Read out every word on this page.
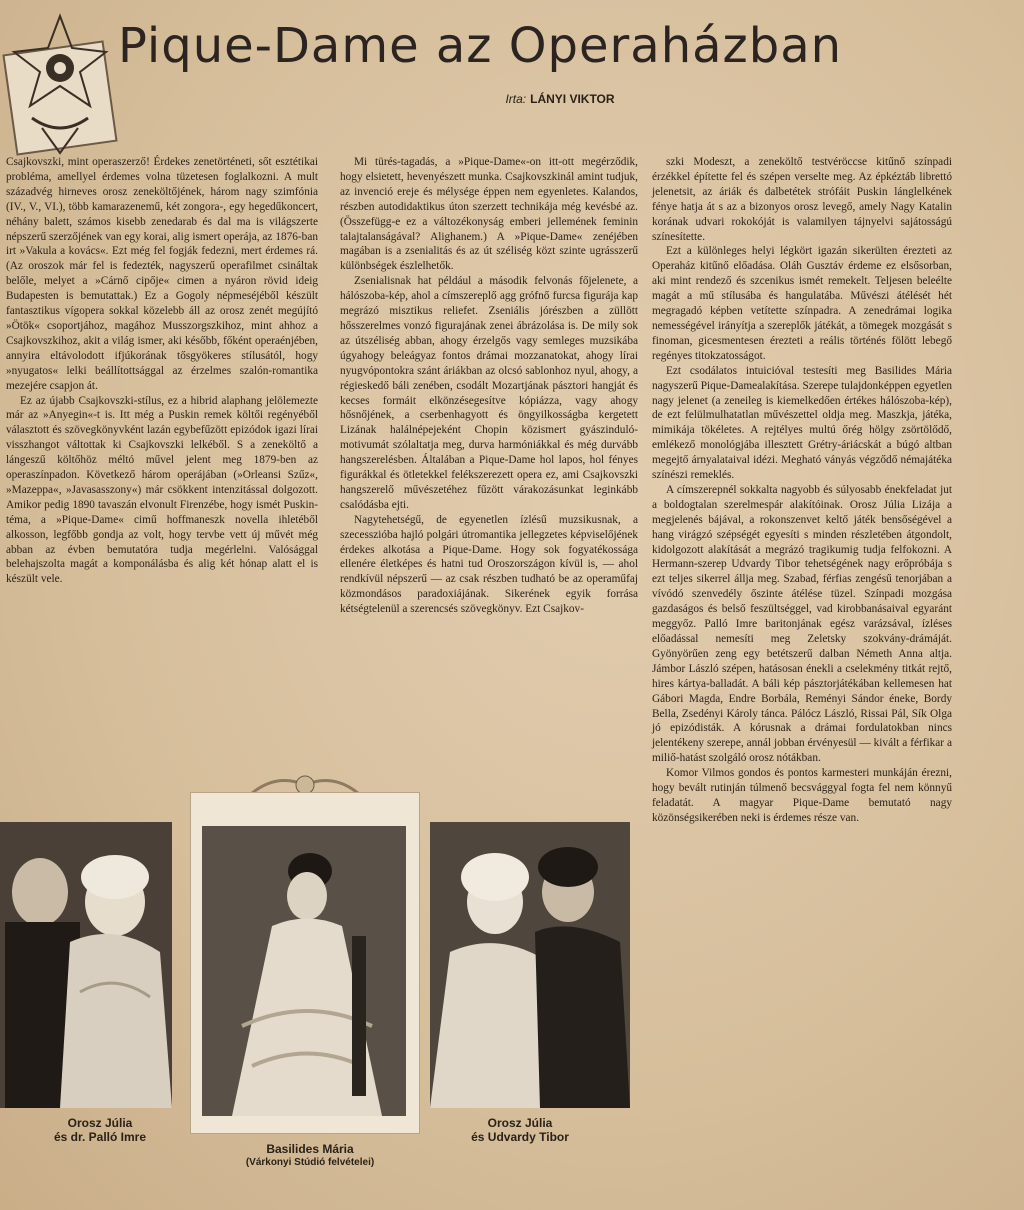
Pique-Dame az Operaházban
Irta: LÁNYI VIKTOR

Csajkovszki, mint operaszerző! Érdekes zenetörténeti, sőt esztétikai probléma, amellyel érdemes volna tüzetesen foglalkozni. A mult századvég hirneves orosz zeneköltőjének, három nagy szimfónia (IV., V., VI.), több kamarazenemű, két zongora-, egy hegedűkoncert, néhány balett, számos kisebb zenedarab és dal ma is világszerte népszerű szerzőjének van egy korai, alig ismert operája, az 1876-ban irt »Vakula a kovács«. Ezt még fel fogják fedezni, mert érdemes rá. (Az oroszok már fel is fedezték, nagyszerű operafilmet csináltak belőle, melyet a »Cárnő cipője« cimen a nyáron rövid ideig Budapesten is bemutattak.) Ez a Gogoly népmeséjéből készült fantasztikus vígopera sokkal közelebb áll az orosz zenét megújító »Ötök« csoportjához, magához Musszorgszkihoz, mint ahhoz a Csajkovszkihoz, akit a világ ismer, aki később, főként operaénjében, annyira eltávolodott ifjúkorának tősgyökeres stílusától, hogy »nyugatos« lelki beállítottsággal az érzelmes szalón-romantika mezejére csapjon át.

Ez az újabb Csajkovszki-stílus, ez a hibrid alaphang jelölemezte már az »Anyegin«-t is. Itt még a Puskin remek költői regényéből választott és szövegkönyvként lazán egybefűzött epizódok igazi lírai visszhangot váltottak ki Csajkovszki lelkéből. S a zeneköltő a lángeszű költőhöz méltó művel jelent meg 1879-ben az operaszínpadon. Következő három operájában (»Orleansi Szűz«, »Mazeppa«, »Javasasszony«) már csökkent intenzitással dolgozott. Amikor pedig 1890 tavaszán elvonult Firenzébe, hogy ismét Puskin-téma, a »Pique-Dame« cimű hoffmaneszk novella ihletéből alkosson, legfőbb gondja az volt, hogy tervbe vett új művét még abban az évben bemutatóra tudja megérlelni. Valósággal belehajszolta magát a komponálásba és alig két hónap alatt el is készült vele.

Mi türés-tagadás, a »Pique-Dame«-on itt-ott megérződik, hogy elsietett, hevenyészett munka. Csajkovszkinál amint tudjuk, az invenció ereje és mélysége éppen nem egyenletes. Kalandos, részben autodidaktikus úton szerzett technikája még kevésbé az. (Összefügg-e ez a változékonyság emberi jellemének feminin talajtalanságával? Alighanem.) A »Pique-Dame« zenéjében magában is a zsenialitás és az út széliség közt szinte ugrásszerű különbségek észlelhetők.

Zsenialisnak hat például a második felvonás főjelenete, a hálószoba-kép, ahol a címszereplő agg grófnő furcsa figurája kap megrázó misztikus reliefet. Zseniális jórészben a züllött hősszerelmes vonzó figurajának zenei ábrázolása is. De mily sok az útszéliség abban, ahogy érzelgős vagy semleges muzsikába úgyahogy beleágyaz fontos drámai mozzanatokat, ahogy lírai nyugvópontokra szánt áriákban az olcsó sablonhoz nyul, ahogy, a régieskedő báli zenében, csodált Mozartjának pásztori hangját és kecses formáit elkönzésegesítve kópiázza, vagy ahogy hősnőjének, a cserbenhagyott és öngyilkosságba kergetett Lizának halálnépejeként Chopin közismert gyászinduló-motivumát szólaltatja meg, durva harmóniákkal és még durvább hangszerelésben. Általában a Pique-Dame hol lapos, hol fényes figurákkal és ötletekkel felékszerezett opera ez, ami Csajkovszki hangszerelő művészetéhez fűzött várakozásunkat leginkább csalódásba ejti.

Nagytehetségű, de egyenetlen ízlésű muzsikusnak, a szecesszióba hajló polgári útromantika jellegzetes képviselőjének érdekes alkotása a Pique-Dame. Hogy sok fogyatékossága ellenére életképes és hatni tud Oroszországon kívül is, — ahol rendkívül népszerű — az csak részben tudható be az operaműfaj közmondásos paradoxiájának. Sikerének egyik forrása kétségtelenül a szerencsés szövegkönyv. Ezt Csajkov-

szki Modeszt, a zeneköltő testvéröccse kitűnő színpadi érzékkel építette fel és szépen verselte meg. Az épkéztáb librettó jelenetsit, az áriák és dalbetétek strófáit Puskin lánglelkének fénye hatja át s az a bizonyos orosz levegő, amely Nagy Katalin korának udvari rokokóját is valamilyen tájnyelvi sajátosságú színesítette.

Ezt a különleges helyi légkört igazán sikerülten érezteti az Operaház kitűnő előadása. Oláh Gusztáv érdeme ez elsősorban, aki mint rendező és szcenikus ismét remekelt. Teljesen beleélte magát a mű stílusába és hangulatába. Művészi átélését hét megragadó képben vetítette színpadra. A zenedrámai logika nemességével irányítja a szereplők játékát, a tömegek mozgását s finoman, gicesmentesen érezteti a reális történés fölött lebegő regényes titokzatosságot.

Ezt csodálatos intuicióval testesíti meg Basilides Mária nagyszerű Pique-Damealakítása. Szerepe tulajdonképpen egyetlen nagy jelenet (a zeneileg is kiemelkedően értékes hálószoba-kép), de ezt felülmulhatatlan művészettel oldja meg. Maszkja, játéka, mimikája tökéletes. A rejtélyes multú őrég hölgy zsörtölődő, emlékező monológjába illesztett Grétry-áriácskát a búgó altban megejtő árnyalataival idézi. Megható ványás végződő némajátéka színészi remeklés.

A címszerepnél sokkalta nagyobb és súlyosabb énekfeladat jut a boldogtalan szerelmespár alakítóinak. Orosz Júlia Lizája a megjelenés bájával, a rokonszenvet keltő játék bensőségével a hang virágzó szépségét egyesíti s minden részletében átgondolt, kidolgozott alakítását a megrázó tragikumig tudja felfokozni. A Hermann-szerep Udvardy Tibor tehetségének nagy erőpróbája s ezt teljes sikerrel állja meg. Szabad, férfias zengésű tenorjában a vívódó szenvedély őszinte átélése tüzel. Színpadi mozgása gazdaságos és belső feszültséggel, vad kirobbanásaival egyaránt meggyőz. Palló Imre baritonjának egész varázsával, ízléses előadással nemesíti meg Zeletsky szokvány-drámáját. Gyönyörűen zeng egy betétszerű dalban Németh Anna altja. Jámbor László szépen, hatásosan énekli a cselekmény titkát rejtő, hires kártya-balladát. A báli kép pásztorjátékában kellemesen hat Gábori Magda, Endre Borbála, Reményi Sándor éneke, Bordy Bella, Zsedényi Károly tánca. Pálócz László, Rissai Pál, Sík Olga jó epizódisták. A kórusnak a drámai fordulatokban nincs jelentékeny szerepe, annál jobban érvényesül — kivált a férfikar a miliő-hatást szolgáló orosz nótákban.

Komor Vilmos gondos és pontos karmesteri munkáján érezni, hogy bevált rutinján túlmenő becsvággyal fogta fel nem könnyű feladatát. A magyar Pique-Dame bemutató nagy közönségsikerében neki is érdemes része van.

Orosz Júlia
és dr. Palló Imre
Basilides Mária
(Várkonyi Stúdió felvételei)
Orosz Júlia
és Udvardy Tibor
